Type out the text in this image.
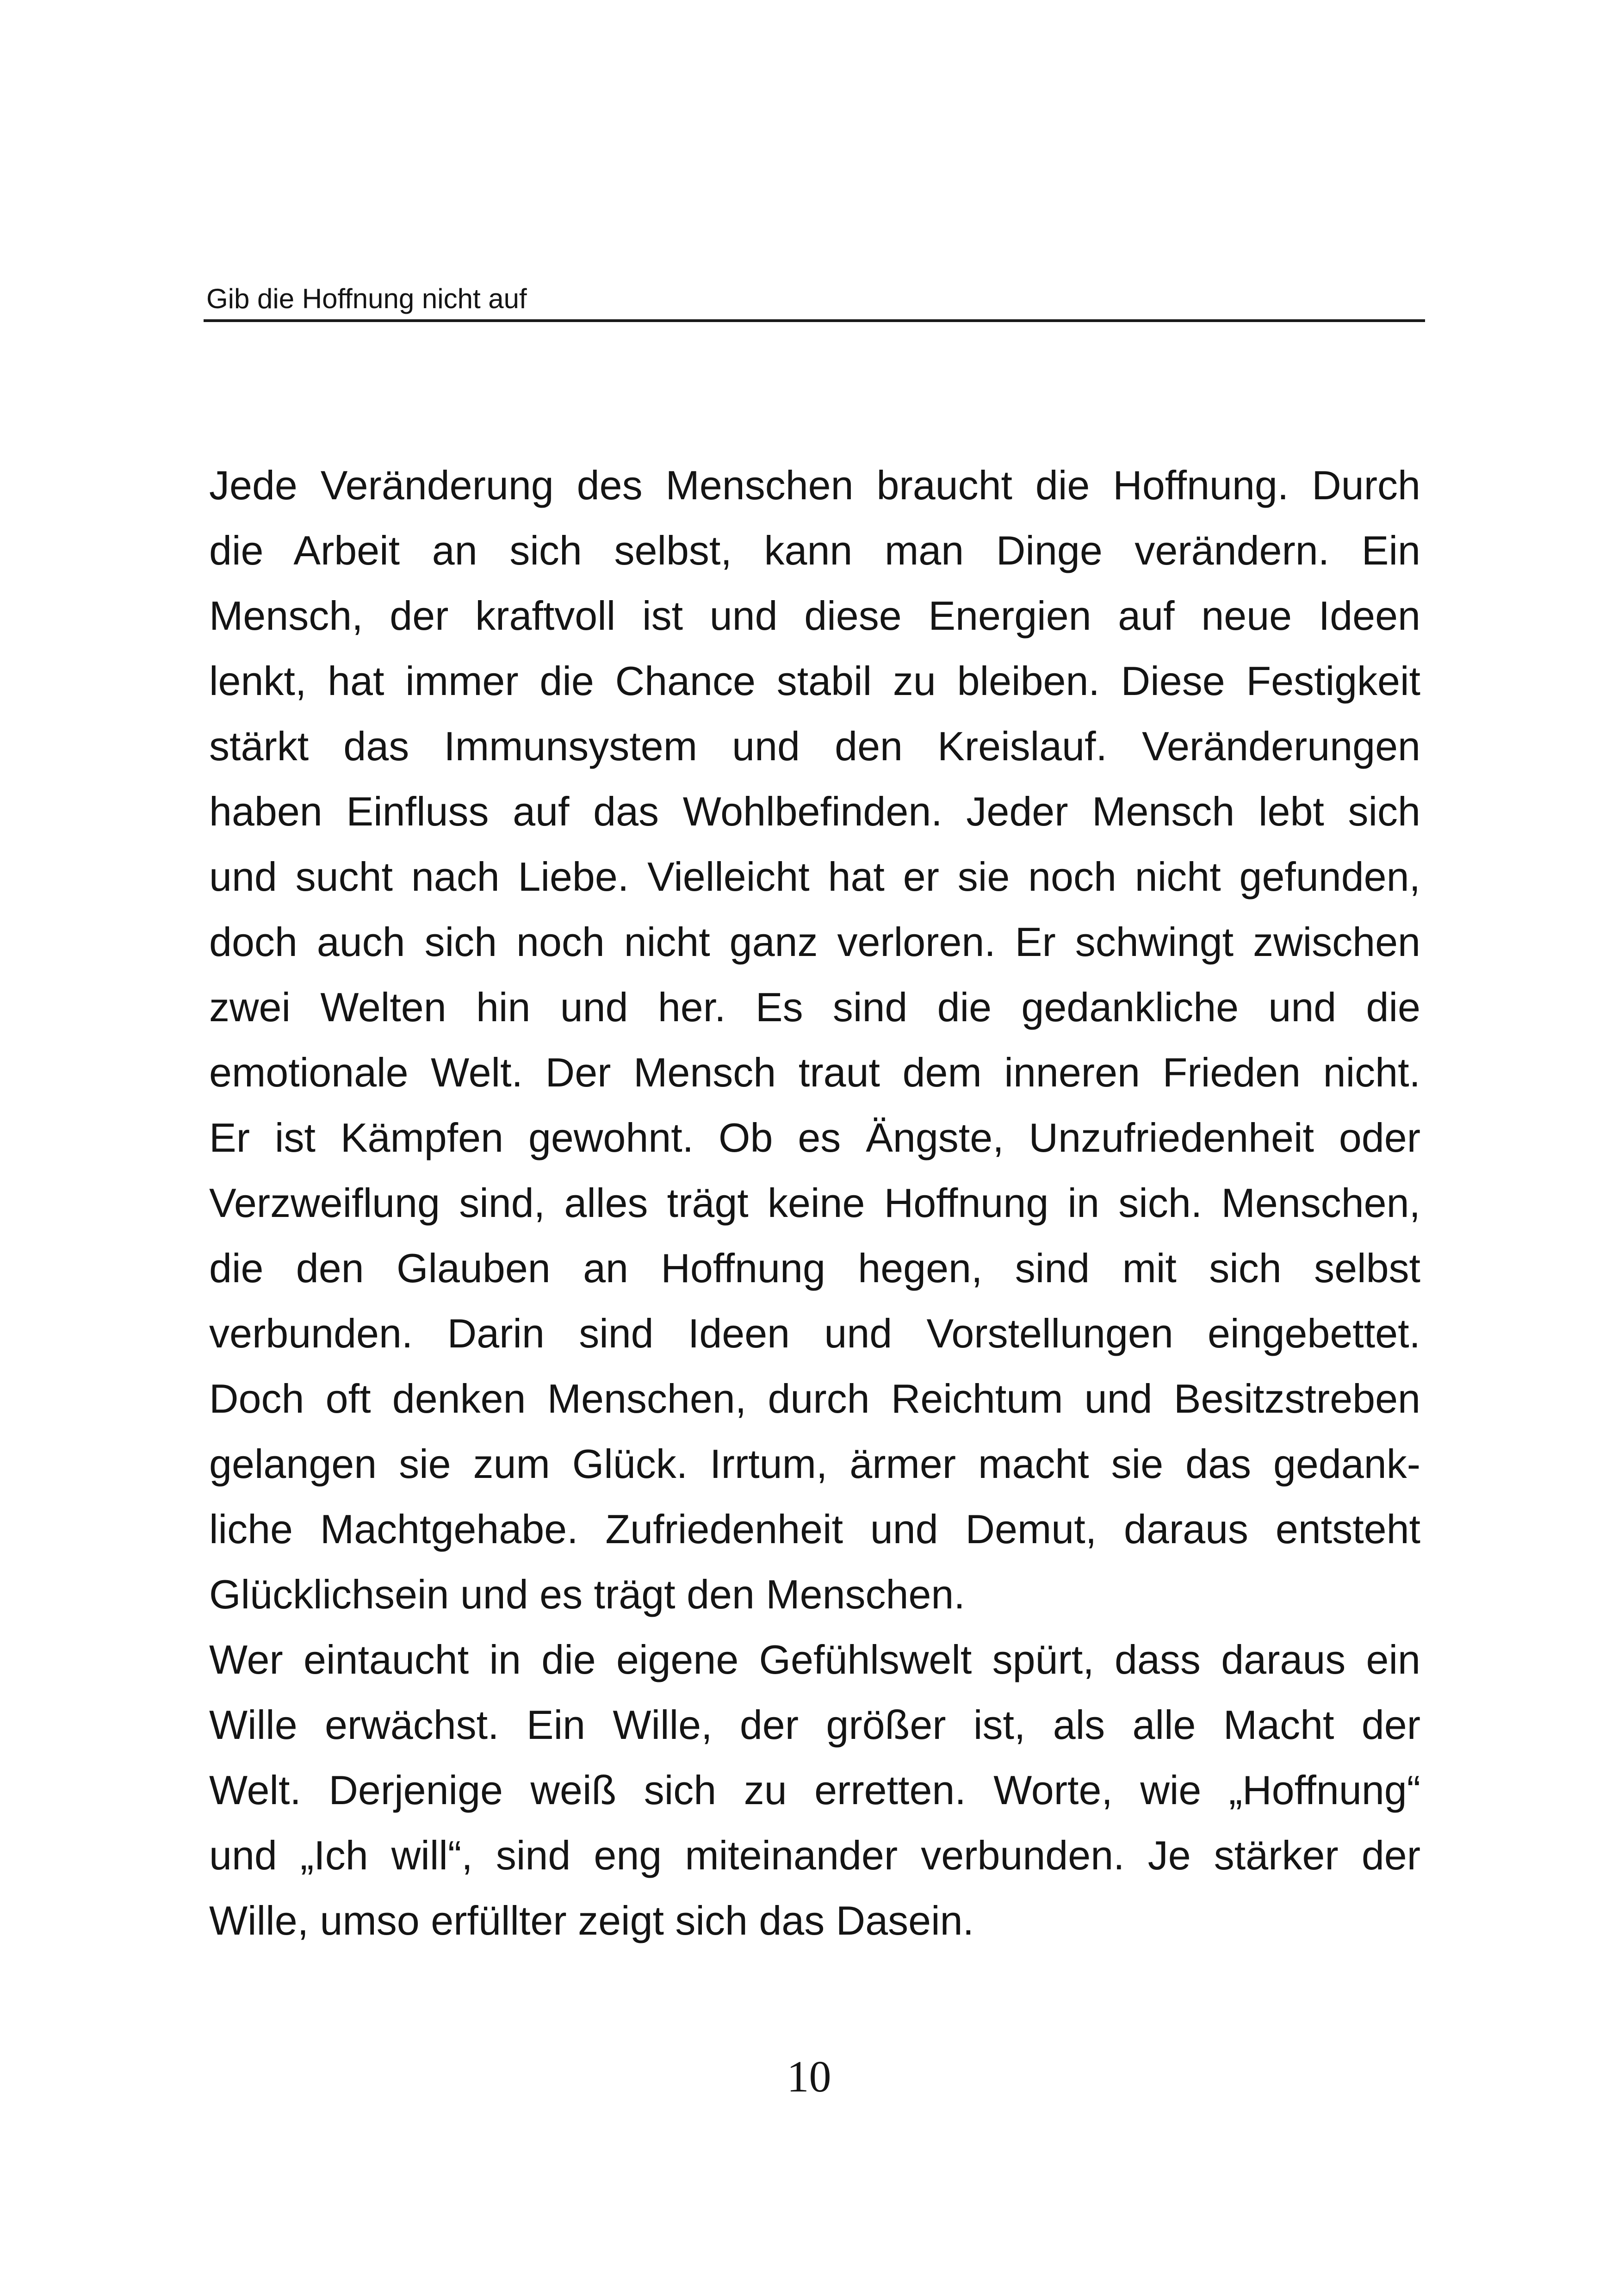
Gib die Hoffnung nicht auf
Jede Veränderung des Menschen braucht die Hoffnung. Durch
die Arbeit an sich selbst, kann man Dinge verändern. Ein
Mensch, der kraftvoll ist und diese Energien auf neue Ideen
lenkt, hat immer die Chance stabil zu bleiben. Diese Festigkeit
stärkt das Immunsystem und den Kreislauf. Veränderungen
haben Einfluss auf das Wohlbefinden. Jeder Mensch lebt sich
und sucht nach Liebe. Vielleicht hat er sie noch nicht gefunden,
doch auch sich noch nicht ganz verloren. Er schwingt zwischen
zwei Welten hin und her. Es sind die gedankliche und die
emotionale Welt. Der Mensch traut dem inneren Frieden nicht.
Er ist Kämpfen gewohnt. Ob es Ängste, Unzufriedenheit oder
Verzweiflung sind, alles trägt keine Hoffnung in sich. Menschen,
die den Glauben an Hoffnung hegen, sind mit sich selbst
verbunden. Darin sind Ideen und Vorstellungen eingebettet.
Doch oft denken Menschen, durch Reichtum und Besitzstreben
gelangen sie zum Glück. Irrtum, ärmer macht sie das gedank-
liche Machtgehabe. Zufriedenheit und Demut, daraus entsteht
Glücklichsein und es trägt den Menschen.
Wer eintaucht in die eigene Gefühlswelt spürt, dass daraus ein
Wille erwächst. Ein Wille, der größer ist, als alle Macht der
Welt. Derjenige weiß sich zu erretten. Worte, wie „Hoffnung“
und „Ich will“, sind eng miteinander verbunden. Je stärker der
Wille, umso erfüllter zeigt sich das Dasein.
10
